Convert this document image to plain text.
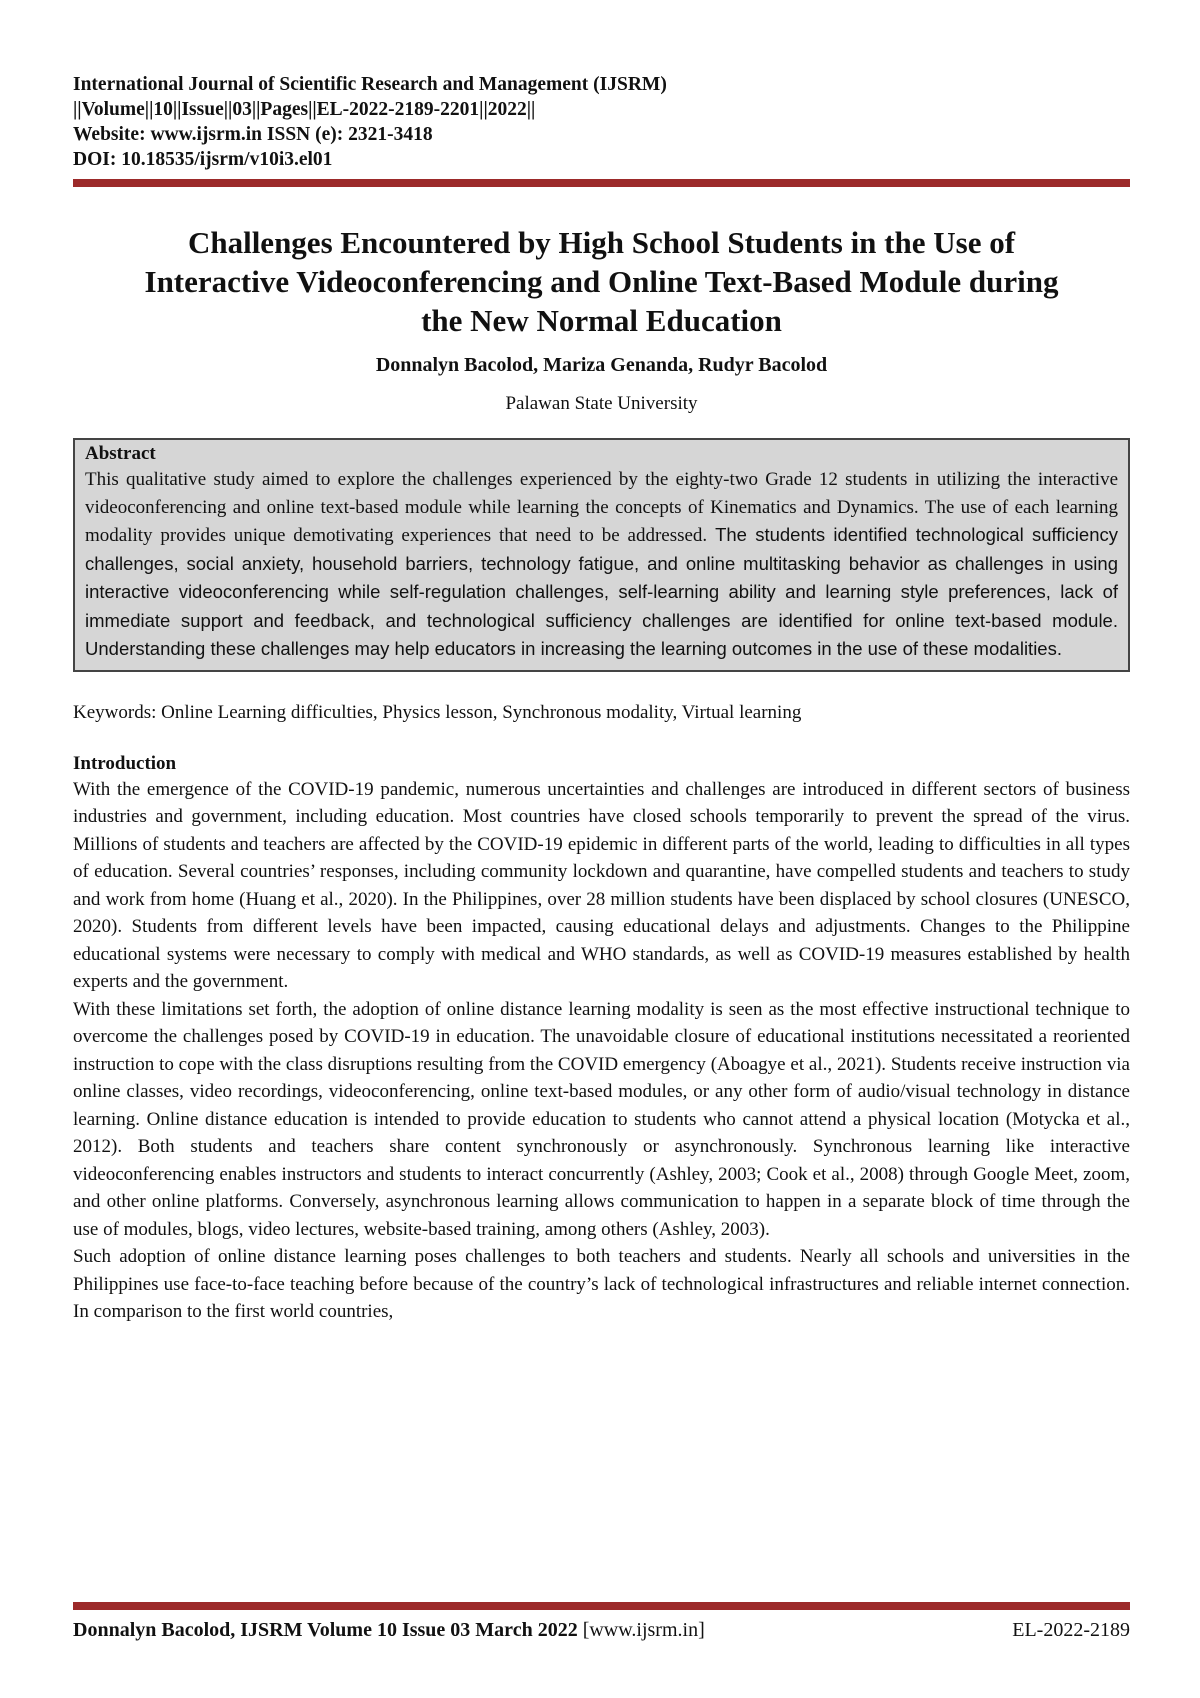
International Journal of Scientific Research and Management (IJSRM)
||Volume||10||Issue||03||Pages||EL-2022-2189-2201||2022||
Website: www.ijsrm.in ISSN (e): 2321-3418
DOI: 10.18535/ijsrm/v10i3.el01
Challenges Encountered by High School Students in the Use of Interactive Videoconferencing and Online Text-Based Module during the New Normal Education
Donnalyn Bacolod, Mariza Genanda, Rudyr Bacolod
Palawan State University
Abstract
This qualitative study aimed to explore the challenges experienced by the eighty-two Grade 12 students in utilizing the interactive videoconferencing and online text-based module while learning the concepts of Kinematics and Dynamics. The use of each learning modality provides unique demotivating experiences that need to be addressed. The students identified technological sufficiency challenges, social anxiety, household barriers, technology fatigue, and online multitasking behavior as challenges in using interactive videoconferencing while self-regulation challenges, self-learning ability and learning style preferences, lack of immediate support and feedback, and technological sufficiency challenges are identified for online text-based module. Understanding these challenges may help educators in increasing the learning outcomes in the use of these modalities.
Keywords: Online Learning difficulties, Physics lesson, Synchronous modality, Virtual learning
Introduction

With the emergence of the COVID-19 pandemic, numerous uncertainties and challenges are introduced in different sectors of business industries and government, including education. Most countries have closed schools temporarily to prevent the spread of the virus. Millions of students and teachers are affected by the COVID-19 epidemic in different parts of the world, leading to difficulties in all types of education. Several countries’ responses, including community lockdown and quarantine, have compelled students and teachers to study and work from home (Huang et al., 2020). In the Philippines, over 28 million students have been displaced by school closures (UNESCO, 2020). Students from different levels have been impacted, causing educational delays and adjustments. Changes to the Philippine educational systems were necessary to comply with medical and WHO standards, as well as COVID-19 measures established by health experts and the government.

With these limitations set forth, the adoption of online distance learning modality is seen as the most effective instructional technique to overcome the challenges posed by COVID-19 in education. The unavoidable closure of educational institutions necessitated a reoriented instruction to cope with the class disruptions resulting from the COVID emergency (Aboagye et al., 2021). Students receive instruction via online classes, video recordings, videoconferencing, online text-based modules, or any other form of audio/visual technology in distance learning. Online distance education is intended to provide education to students who cannot attend a physical location (Motycka et al., 2012). Both students and teachers share content synchronously or asynchronously. Synchronous learning like interactive videoconferencing enables instructors and students to interact concurrently (Ashley, 2003; Cook et al., 2008) through Google Meet, zoom, and other online platforms. Conversely, asynchronous learning allows communication to happen in a separate block of time through the use of modules, blogs, video lectures, website-based training, among others (Ashley, 2003).

Such adoption of online distance learning poses challenges to both teachers and students. Nearly all schools and universities in the Philippines use face-to-face teaching before because of the country’s lack of technological infrastructures and reliable internet connection. In comparison to the first world countries,

Donnalyn Bacolod, IJSRM Volume 10 Issue 03 March 2022 [www.ijsrm.in]	EL-2022-2189
